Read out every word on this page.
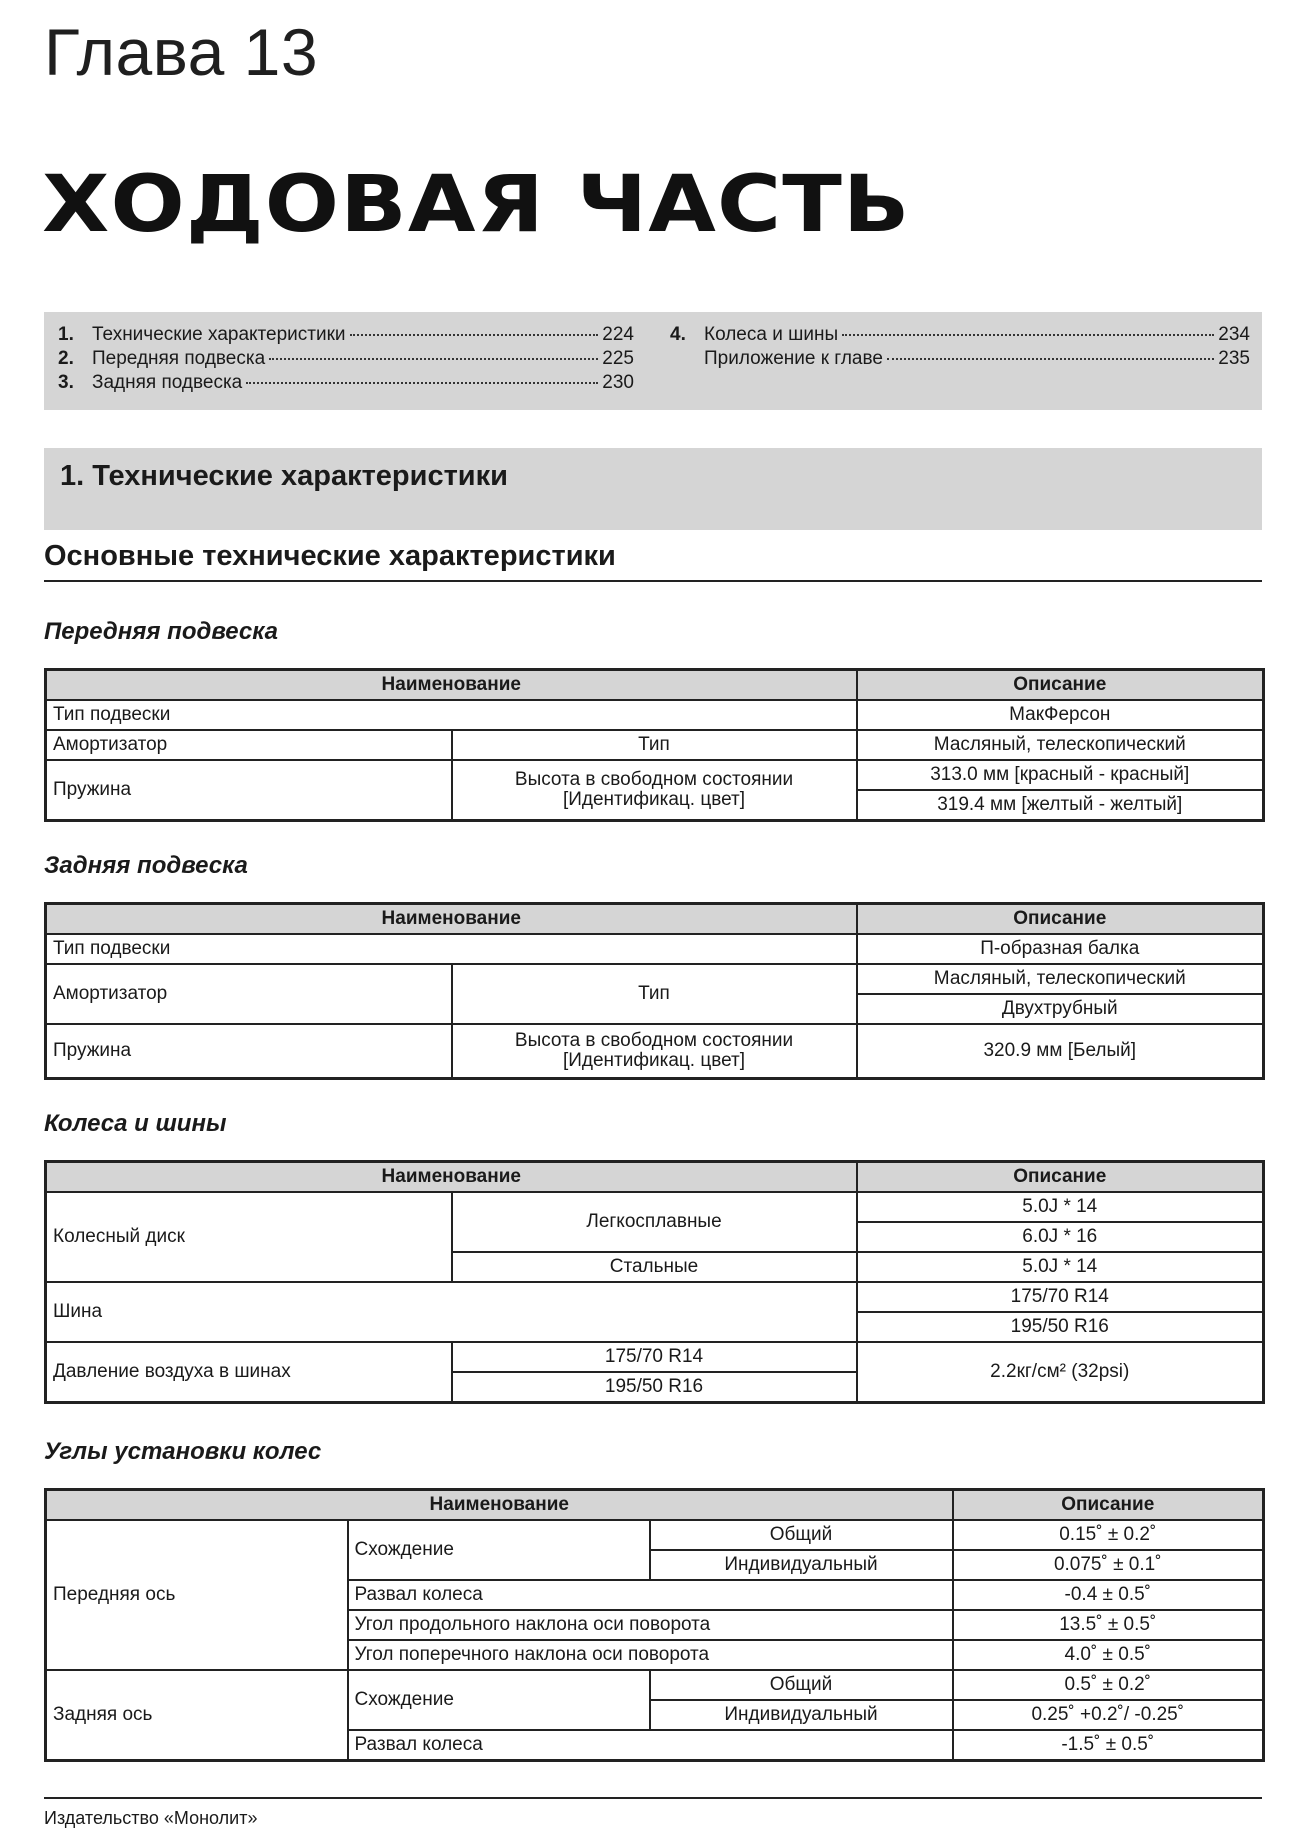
Глава 13
ХОДОВАЯ ЧАСТЬ
1. Технические характеристики	224
2. Передняя подвеска	225
3. Задняя подвеска	230
4. Колеса и шины	234
Приложение к главе	235
1. Технические характеристики
Основные технические характеристики
Передняя подвеска
Наименование	Описание
Тип подвески	МакФерсон
Амортизатор	Тип	Масляный, телескопический
Пружина	Высота в свободном состоянии
[Идентификац. цвет]
	313.0 мм [красный - красный]
319.4 мм [желтый - желтый]
Задняя подвеска
Наименование	Описание
Тип подвески	П-образная балка
Амортизатор	Тип	Масляный, телескопический
Двухтрубный
Пружина	Высота в свободном состоянии
[Идентификац. цвет]	320.9 мм [Белый]
Колеса и шины
Наименование	Описание
Колесный диск	Легкосплавные	5.0J * 14
6.0J * 16
Стальные	5.0J * 14
Шина	175/70 R14
195/50 R16
Давление воздуха в шинах	175/70 R14	2.2кг/см² (32psi)
195/50 R16
Углы установки колес
Наименование	Описание
Передняя ось	Схождение	Общий	0.15˚ ± 0.2˚
Индивидуальный	0.075˚ ± 0.1˚
Развал колеса	-0.4 ± 0.5˚
Угол продольного наклона оси поворота	13.5˚ ± 0.5˚
Угол поперечного наклона оси поворота	4.0˚ ± 0.5˚
Задняя ось	Схождение	Общий	0.5˚ ± 0.2˚
Индивидуальный	0.25˚ +0.2˚/ -0.25˚
Развал колеса	-1.5˚ ± 0.5˚
Издательство «Монолит»
